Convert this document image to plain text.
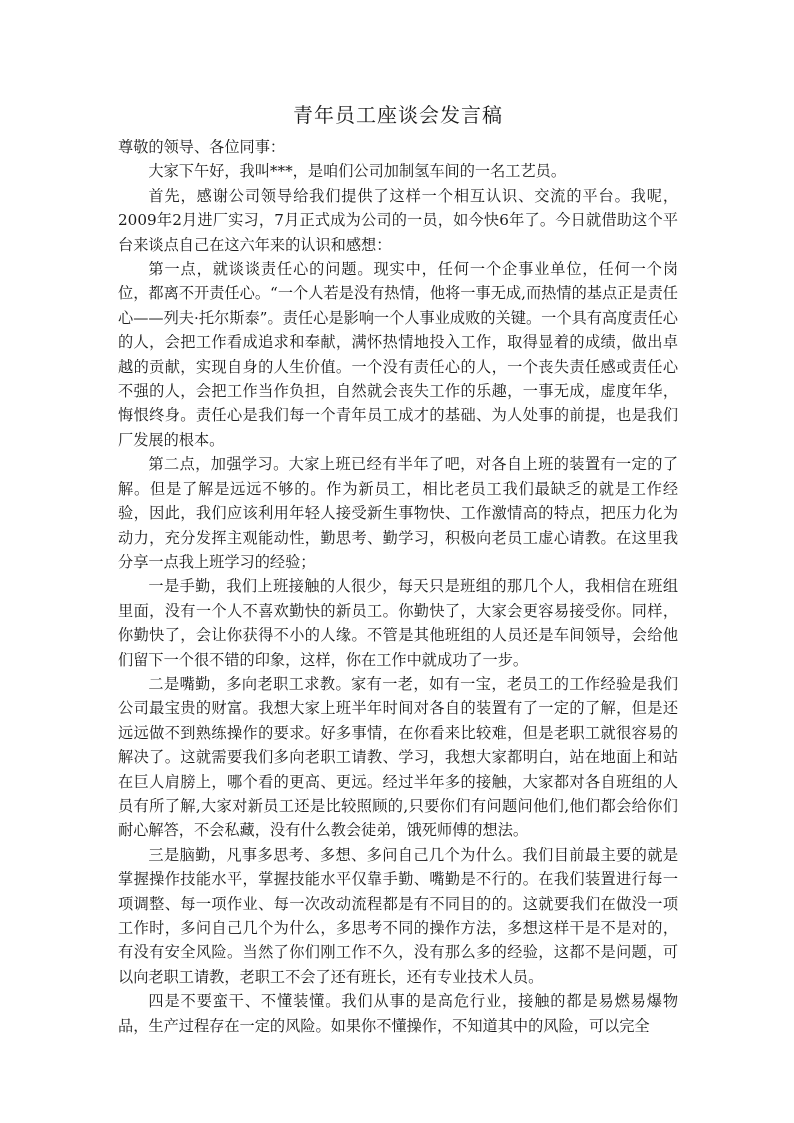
青年员工座谈会发言稿

尊敬的领导、各位同事：

大家下午好，我叫***，是咱们公司加制氢车间的一名工艺员。

首先，感谢公司领导给我们提供了这样一个相互认识、交流的平台。我呢，2009年2月进厂实习，7月正式成为公司的一员，如今快6年了。今日就借助这个平台来谈点自己在这六年来的认识和感想：

第一点，就谈谈责任心的问题。现实中，任何一个企事业单位，任何一个岗位，都离不开责任心。“一个人若是没有热情，他将一事无成,而热情的基点正是责任心——列夫·托尔斯泰”。责任心是影响一个人事业成败的关键。一个具有高度责任心的人，会把工作看成追求和奉献，满怀热情地投入工作，取得显着的成绩，做出卓越的贡献，实现自身的人生价值。一个没有责任心的人，一个丧失责任感或责任心不强的人，会把工作当作负担，自然就会丧失工作的乐趣，一事无成，虚度年华，悔恨终身。责任心是我们每一个青年员工成才的基础、为人处事的前提，也是我们厂发展的根本。

第二点，加强学习。大家上班已经有半年了吧，对各自上班的装置有一定的了解。但是了解是远远不够的。作为新员工，相比老员工我们最缺乏的就是工作经验，因此，我们应该利用年轻人接受新生事物快、工作激情高的特点，把压力化为动力，充分发挥主观能动性，勤思考、勤学习，积极向老员工虚心请教。在这里我分享一点我上班学习的经验；

一是手勤，我们上班接触的人很少，每天只是班组的那几个人，我相信在班组里面，没有一个人不喜欢勤快的新员工。你勤快了，大家会更容易接受你。同样，你勤快了，会让你获得不小的人缘。不管是其他班组的人员还是车间领导，会给他们留下一个很不错的印象，这样，你在工作中就成功了一步。

二是嘴勤，多向老职工求教。家有一老，如有一宝，老员工的工作经验是我们公司最宝贵的财富。我想大家上班半年时间对各自的装置有了一定的了解，但是还远远做不到熟练操作的要求。好多事情，在你看来比较难，但是老职工就很容易的解决了。这就需要我们多向老职工请教、学习，我想大家都明白，站在地面上和站在巨人肩膀上，哪个看的更高、更远。经过半年多的接触，大家都对各自班组的人员有所了解,大家对新员工还是比较照顾的,只要你们有问题问他们,他们都会给你们耐心解答，不会私藏，没有什么教会徒弟，饿死师傅的想法。

三是脑勤，凡事多思考、多想、多问自己几个为什么。我们目前最主要的就是掌握操作技能水平，掌握技能水平仅靠手勤、嘴勤是不行的。在我们装置进行每一项调整、每一项作业、每一次改动流程都是有不同目的的。这就要我们在做没一项工作时，多问自己几个为什么，多思考不同的操作方法，多想这样干是不是对的，有没有安全风险。当然了你们刚工作不久，没有那么多的经验，这都不是问题，可以向老职工请教，老职工不会了还有班长，还有专业技术人员。

四是不要蛮干、不懂装懂。我们从事的是高危行业，接触的都是易燃易爆物品，生产过程存在一定的风险。如果你不懂操作，不知道其中的风险，可以完全
